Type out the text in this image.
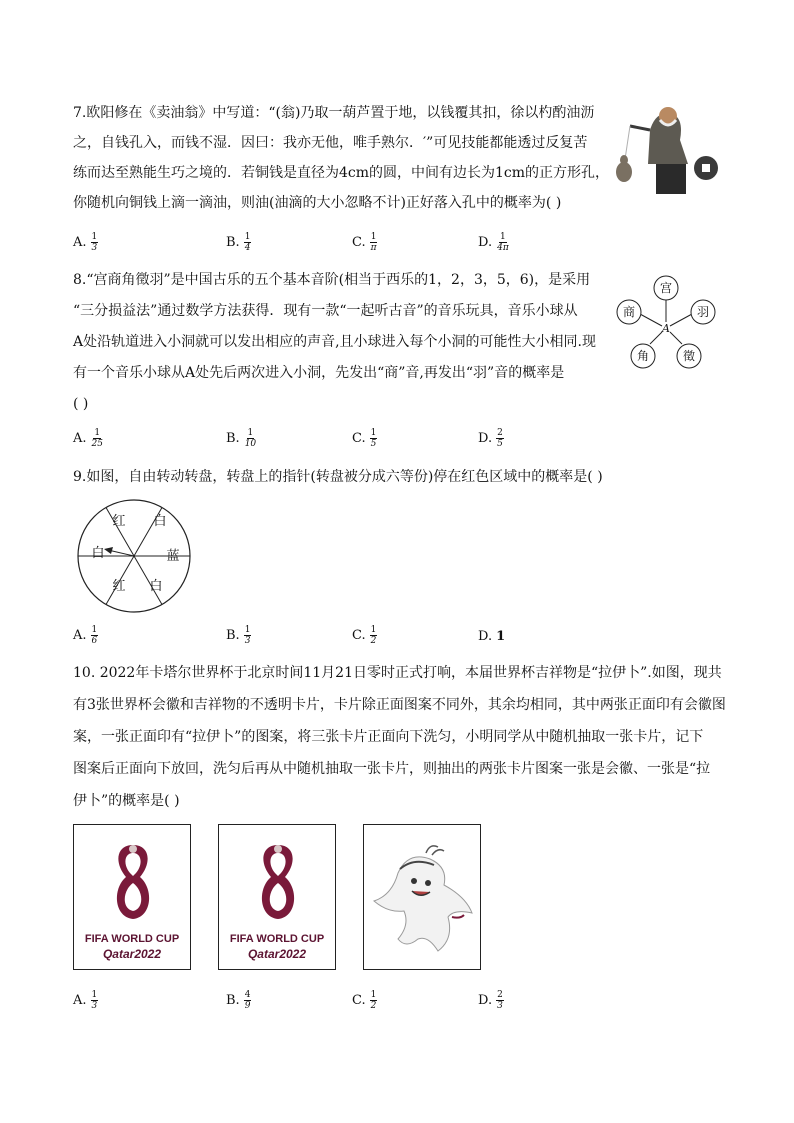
7.欧阳修在《卖油翁》中写道：“(翁)乃取一葫芦置于地，以钱覆其扣，徐以杓酌油沥
之，自钱孔入，而钱不湿．因曰：我亦无他，唯手熟尔．′”可见技能都能透过反复苦
练而达至熟能生巧之境的．若铜钱是直径为4cm的圆，中间有边长为1cm的正方形孔，
你随机向铜钱上滴一滴油，则油(油滴的大小忽略不计)正好落入孔中的概率为( )
A. $\frac{1}{3}$	B. $\frac{1}{4}$	C. $\frac{1}{\pi}$	D. $\frac{1}{4\pi}$
8.“宫商角徵羽”是中国古乐的五个基本音阶(相当于西乐的1，2，3，5，6)，是采用
“三分损益法”通过数学方法获得．现有一款“一起听古音”的音乐玩具，音乐小球从
A处沿轨道进入小洞就可以发出相应的声音,且小球进入每个小洞的可能性大小相同.现
有一个音乐小球从A处先后两次进入小洞，先发出“商”音,再发出“羽”音的概率是
( )
宫
羽
商
角	徵
A
A. $\frac{1}{25}$	B. $\frac{1}{10}$	C. $\frac{1}{5}$	D. $\frac{2}{5}$
9.如图，自由转动转盘，转盘上的指针(转盘被分成六等份)停在红色区域中的概率是( )
白
蓝
白
红
白
红
A. $\frac{1}{6}$	B. $\frac{1}{3}$	C. $\frac{1}{2}$	D. 1
10. 2022年卡塔尔世界杯于北京时间11月21日零时正式打响，本届世界杯吉祥物是“拉伊卜”.如图，现共
有3张世界杯会徽和吉祥物的不透明卡片，卡片除正面图案不同外，其余均相同，其中两张正面印有会徽图
案，一张正面印有“拉伊卜”的图案，将三张卡片正面向下洗匀，小明同学从中随机抽取一张卡片，记下
图案后正面向下放回，洗匀后再从中随机抽取一张卡片，则抽出的两张卡片图案一张是会徽、一张是“拉
伊卜”的概率是( )
FIFA WORLD CUP
Qatar2022
FIFA WORLD CUP
Qatar2022
A. $\frac{1}{3}$	B. $\frac{4}{9}$	C. $\frac{1}{2}$	D. $\frac{2}{3}$
